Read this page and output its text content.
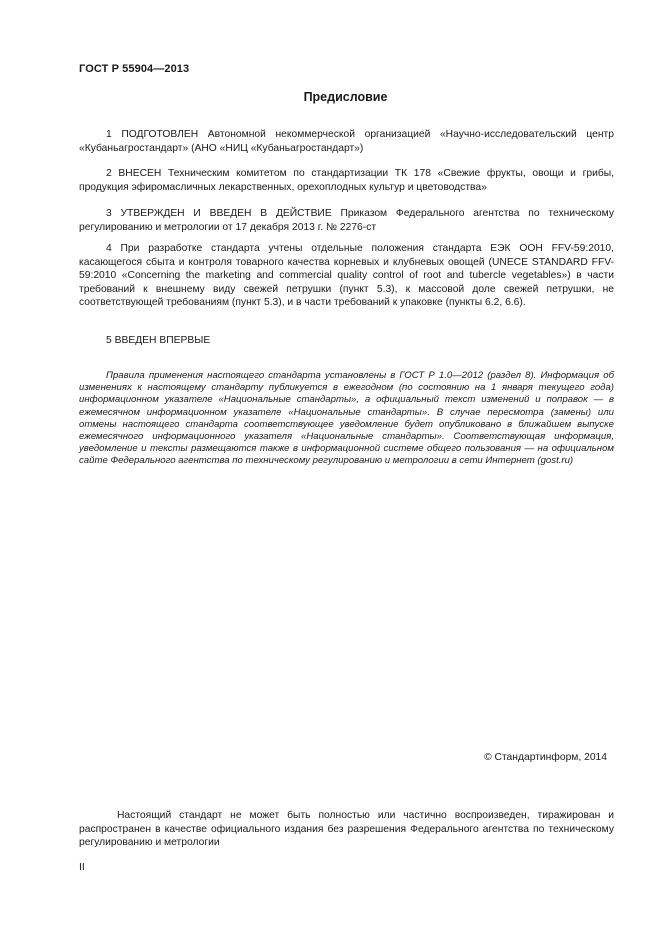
ГОСТ Р 55904—2013
Предисловие
1 ПОДГОТОВЛЕН Автономной некоммерческой организацией «Научно-исследовательский центр «Кубаньагростандарт» (АНО «НИЦ «Кубаньагростандарт»)
2 ВНЕСЕН Техническим комитетом по стандартизации ТК 178 «Свежие фрукты, овощи и грибы, продукция эфиромасличных лекарственных, орехоплодных культур и цветоводства»
3 УТВЕРЖДЕН И ВВЕДЕН В ДЕЙСТВИЕ Приказом Федерального агентства по техническому регулированию и метрологии от 17 декабря 2013 г. № 2276-ст
4 При разработке стандарта учтены отдельные положения стандарта ЕЭК ООН FFV-59:2010, касающегося сбыта и контроля товарного качества корневых и клубневых овощей (UNECE STANDARD FFV-59:2010 «Concerning the marketing and commercial quality control of root and tubercle vegetables») в части требований к внешнему виду свежей петрушки (пункт 5.3), к массовой доле свежей петрушки, не соответствующей требованиям (пункт 5.3), и в части требований к упаковке (пункты 6.2, 6.6).
5 ВВЕДЕН ВПЕРВЫЕ
Правила применения настоящего стандарта установлены в ГОСТ Р 1.0—2012 (раздел 8). Информация об изменениях к настоящему стандарту публикуется в ежегодном (по состоянию на 1 января текущего года) информационном указателе «Национальные стандарты», а официальный текст изменений и поправок — в ежемесячном информационном указателе «Национальные стандарты». В случае пересмотра (замены) или отмены настоящего стандарта соответствующее уведомление будет опубликовано в ближайшем выпуске ежемесячного информационного указателя «Национальные стандарты». Соответствующая информация, уведомление и тексты размещаются также в информационной системе общего пользования — на официальном сайте Федерального агентства по техническому регулированию и метрологии в сети Интернет (gost.ru)
© Стандартинформ, 2014
Настоящий стандарт не может быть полностью или частично воспроизведен, тиражирован и распространен в качестве официального издания без разрешения Федерального агентства по техническому регулированию и метрологии
II
